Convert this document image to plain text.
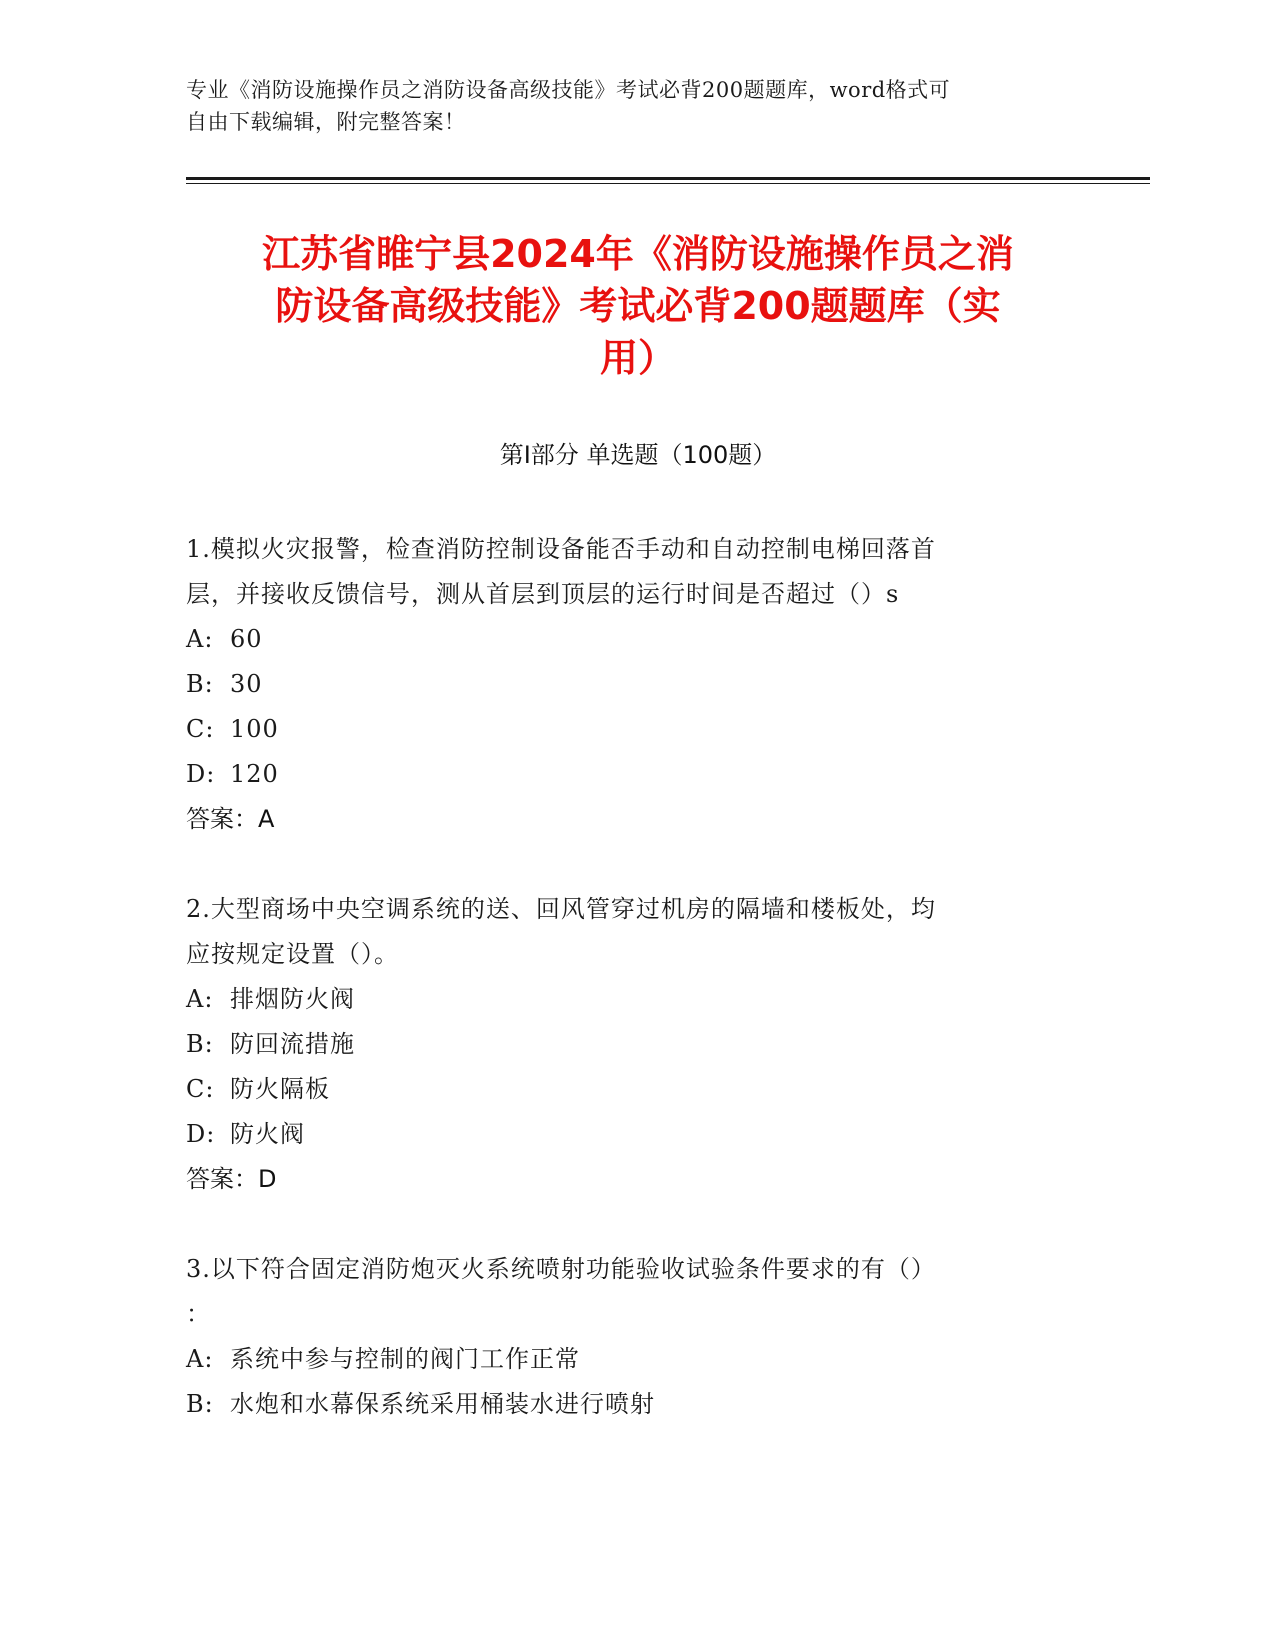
专业《消防设施操作员之消防设备高级技能》考试必背200题题库，word格式可
自由下载编辑，附完整答案！
江苏省睢宁县2024年《消防设施操作员之消
防设备高级技能》考试必背200题题库（实
用）
第Ⅰ部分 单选题（100题）

1.模拟火灾报警，检查消防控制设备能否手动和自动控制电梯回落首

层，并接收反馈信号，测从首层到顶层的运行时间是否超过（）s

A: 60

B: 30

C: 100

D: 120

答案：A

2.大型商场中央空调系统的送、回风管穿过机房的隔墙和楼板处，均

应按规定设置（）。

A: 排烟防火阀

B: 防回流措施

C: 防火隔板

D: 防火阀

答案：D

3.以下符合固定消防炮灭火系统喷射功能验收试验条件要求的有（）

：

A: 系统中参与控制的阀门工作正常

B: 水炮和水幕保系统采用桶装水进行喷射
